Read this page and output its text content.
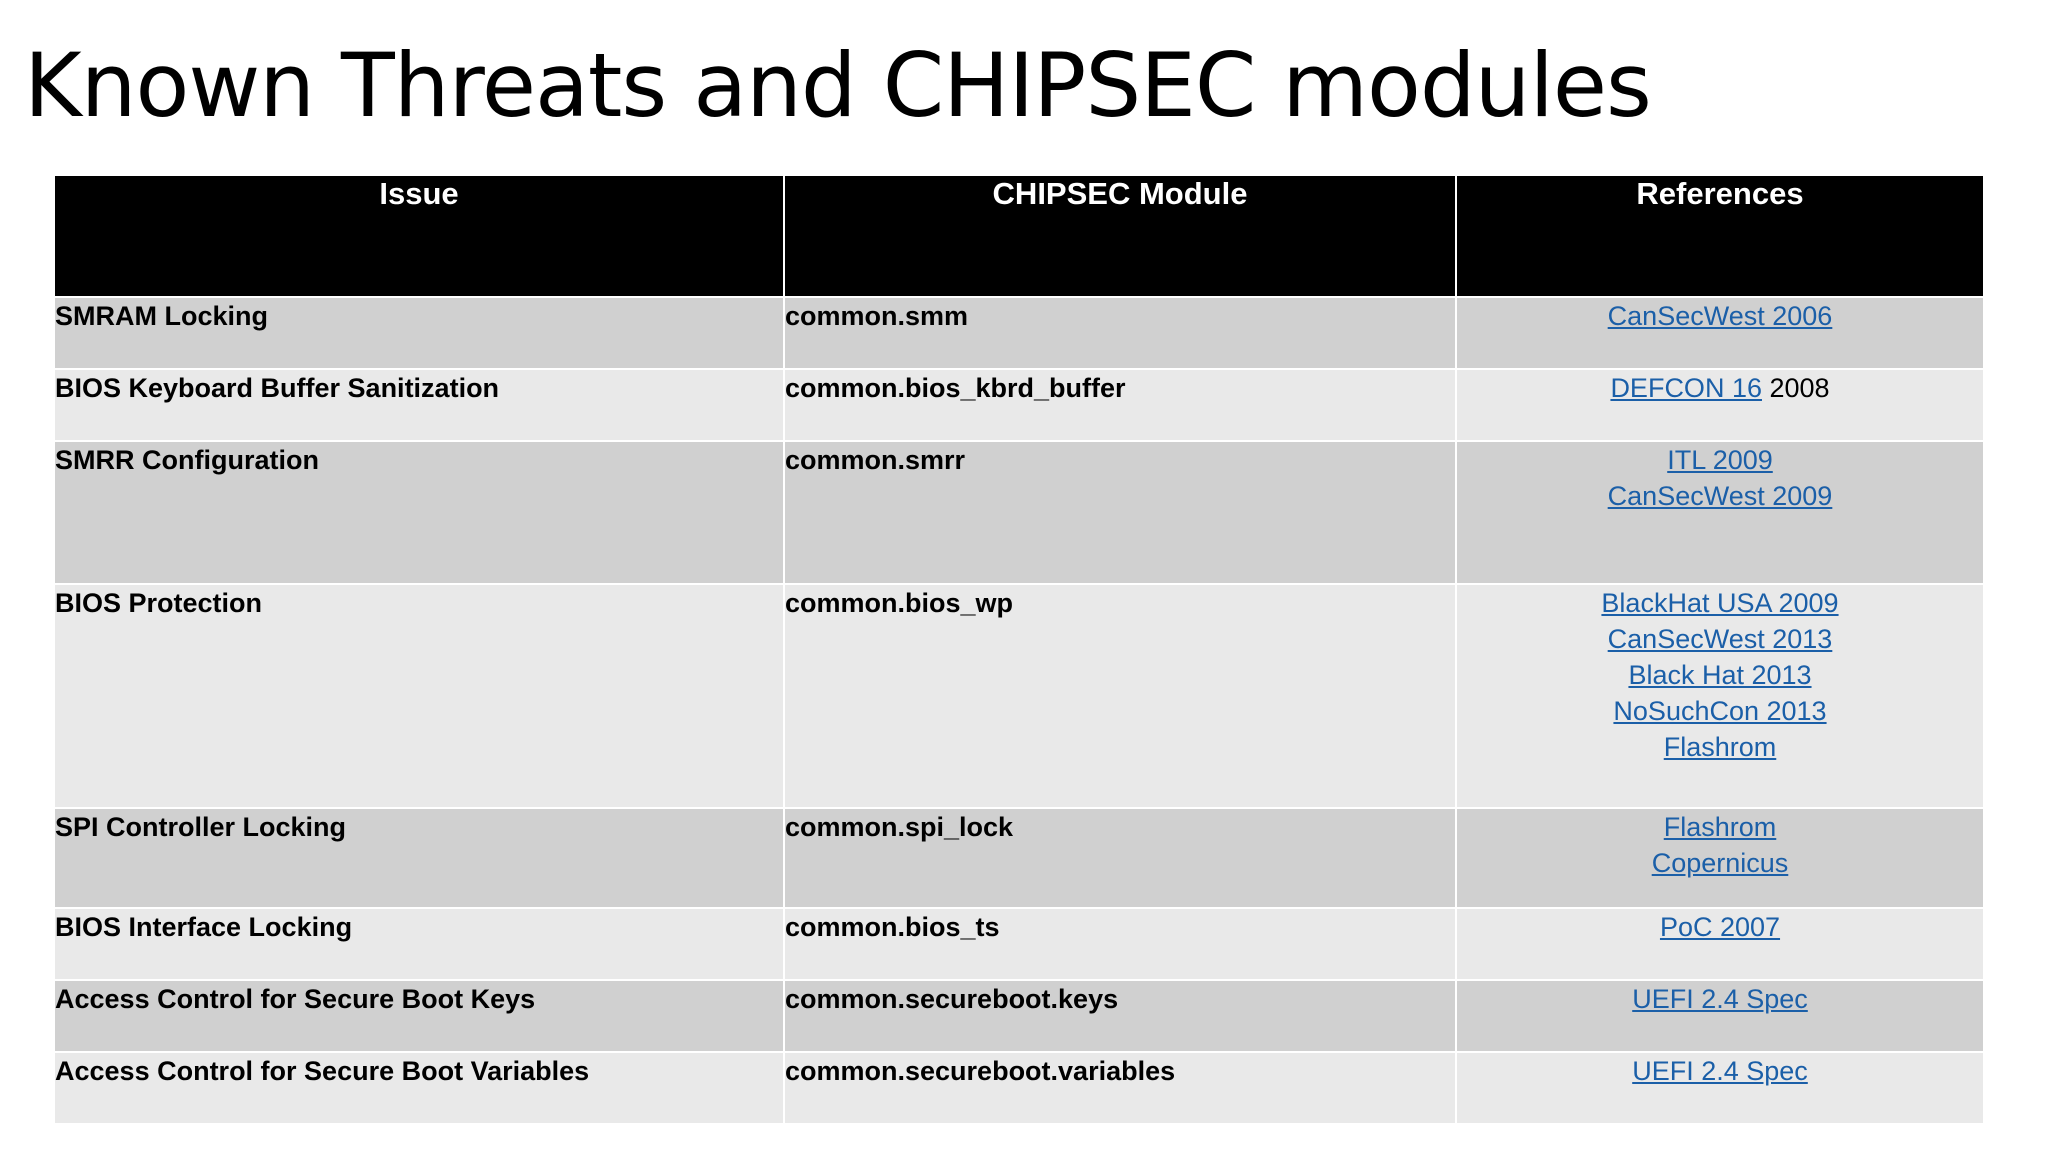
Known Threats and CHIPSEC modules
Issue	CHIPSEC Module	References
SMRAM Locking	common.smm	CanSecWest 2006

BIOS Keyboard Buffer Sanitization	common.bios_kbrd_buffer	DEFCON 16 2008

SMRR Configuration	common.smrr	ITL 2009
CanSecWest 2009

BIOS Protection	common.bios_wp	BlackHat USA 2009
CanSecWest 2013
Black Hat 2013
NoSuchCon 2013
Flashrom

SPI Controller Locking	common.spi_lock	Flashrom
Copernicus

BIOS Interface Locking	common.bios_ts	PoC 2007

Access Control for Secure Boot Keys	common.secureboot.keys	UEFI 2.4 Spec

Access Control for Secure Boot Variables	common.secureboot.variables	UEFI 2.4 Spec
